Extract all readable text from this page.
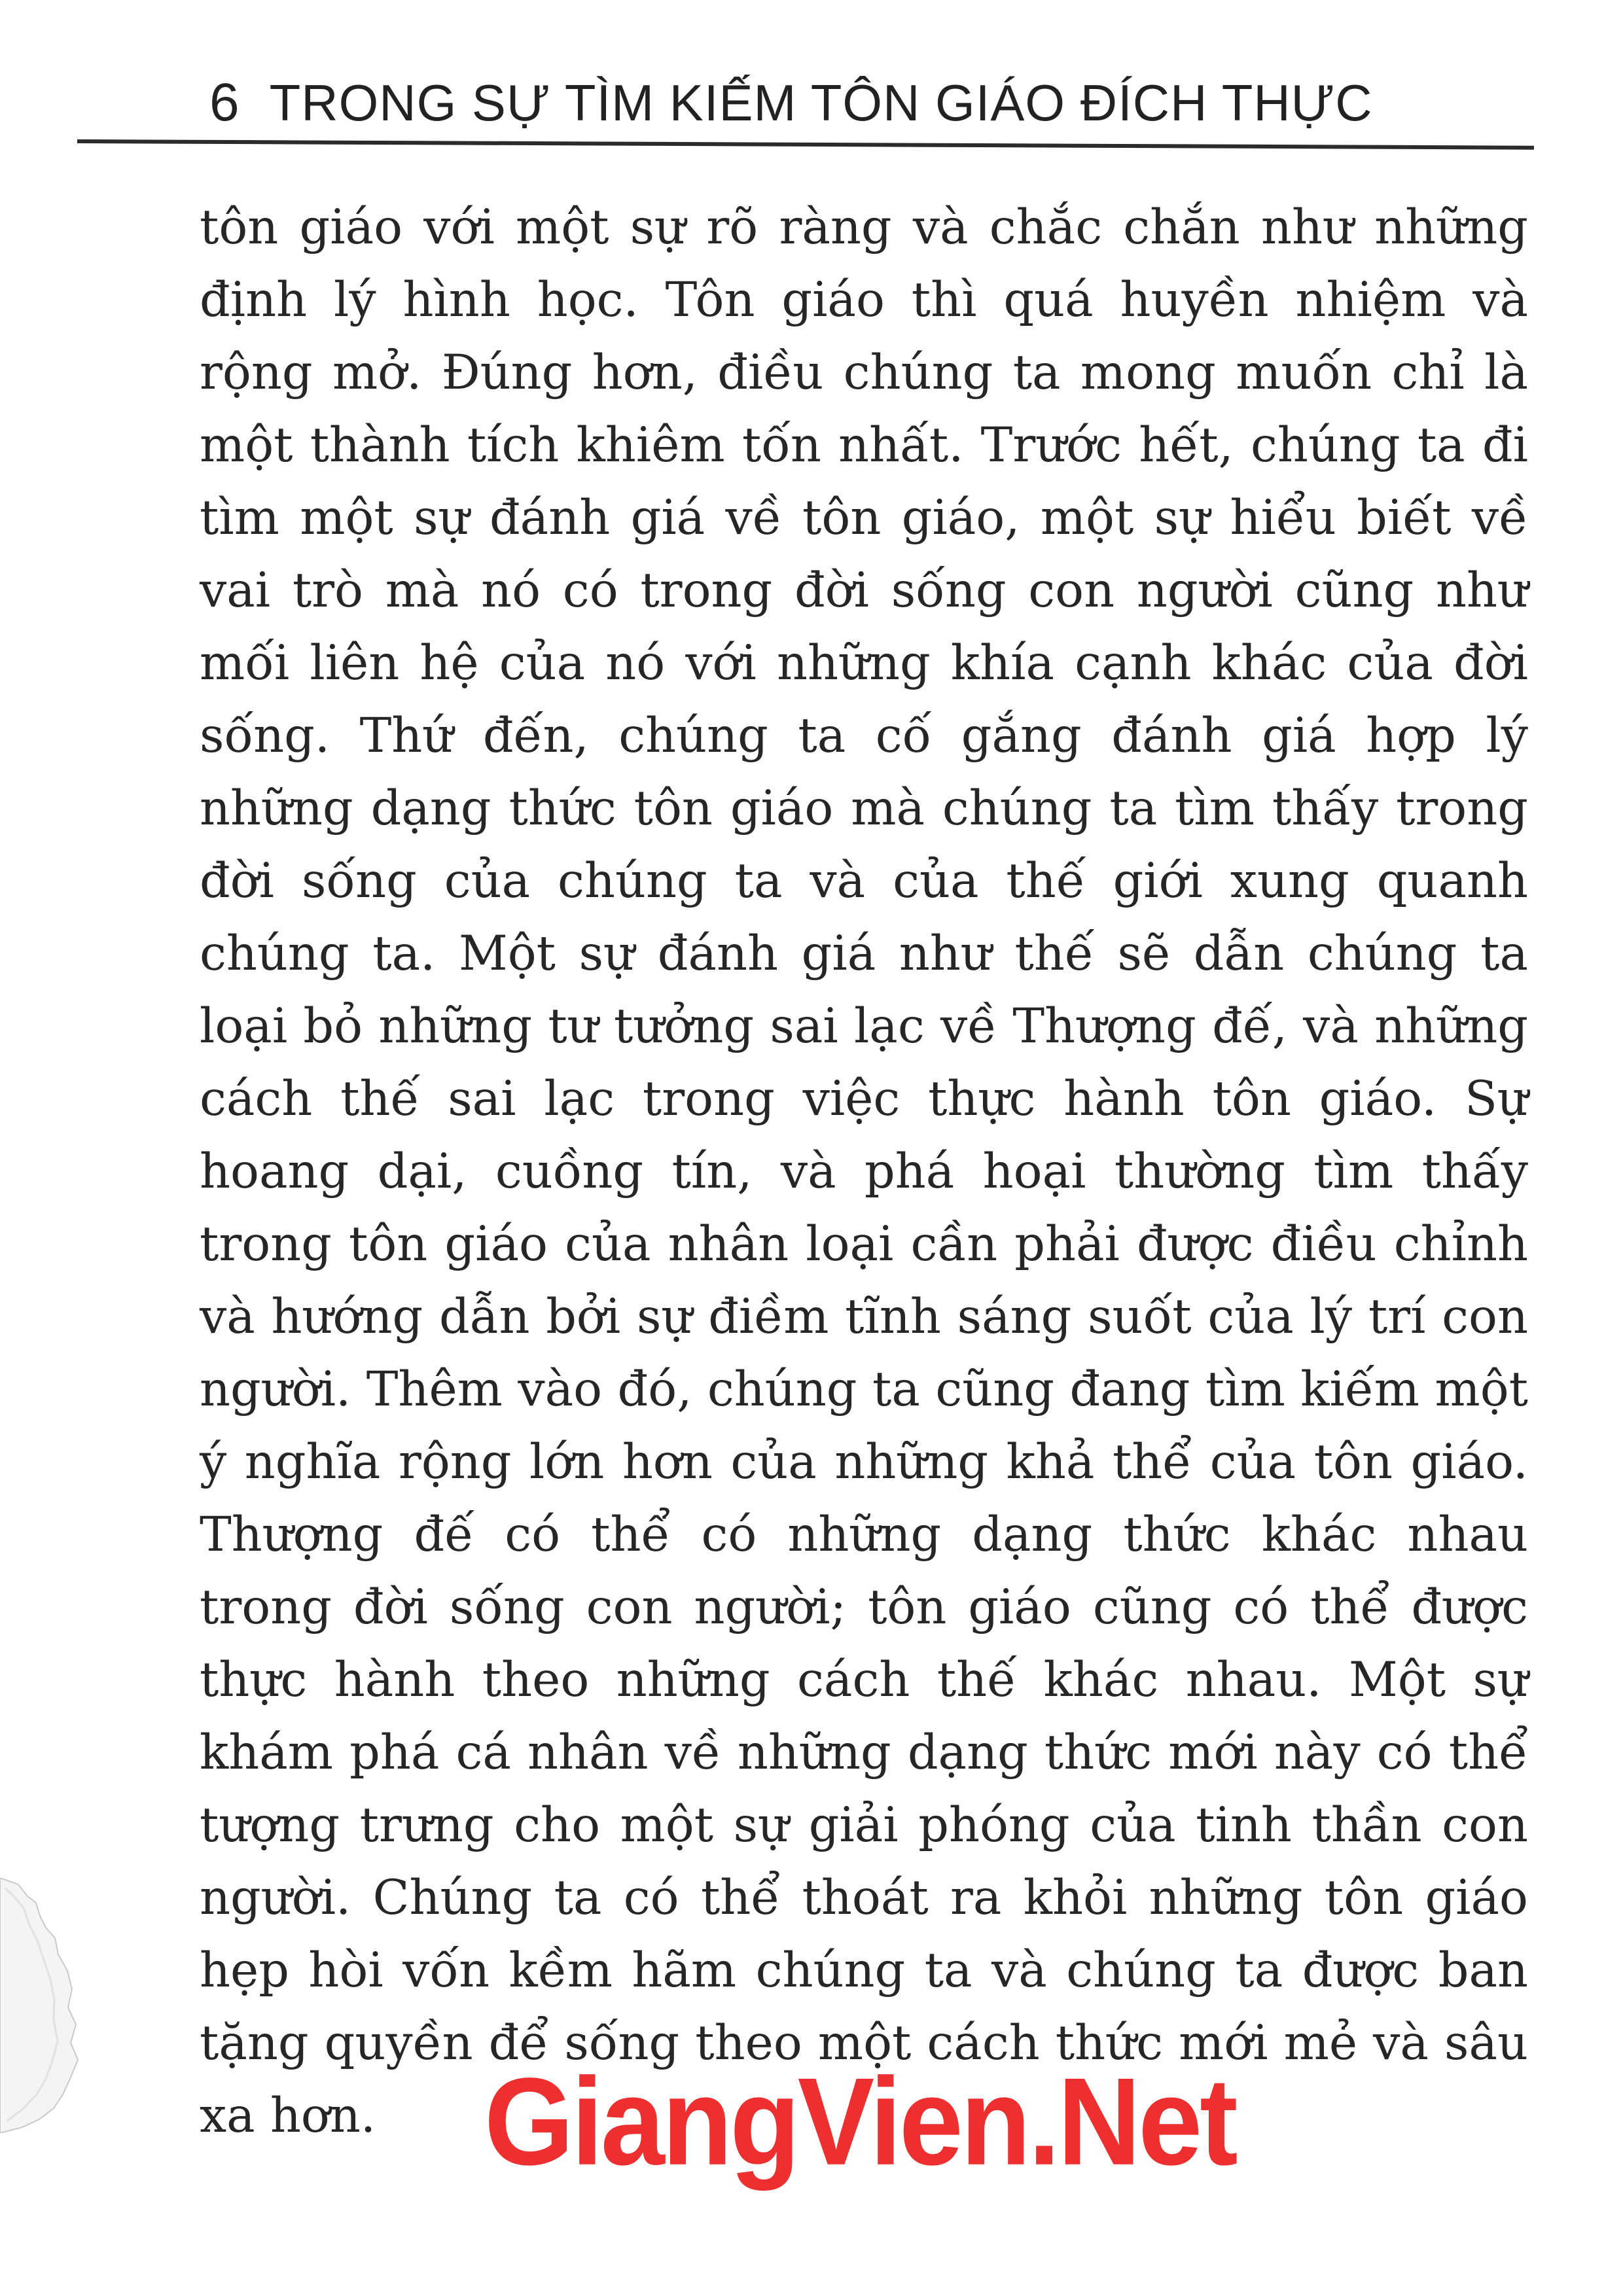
6 TRONG SỰ TÌM KIẾM TÔN GIÁO ĐÍCH THỰC

tôn giáo với một sự rõ ràng và chắc chắn như những định lý hình học. Tôn giáo thì quá huyền nhiệm và rộng mở. Đúng hơn, điều chúng ta mong muốn chỉ là một thành tích khiêm tốn nhất. Trước hết, chúng ta đi tìm một sự đánh giá về tôn giáo, một sự hiểu biết về vai trò mà nó có trong đời sống con người cũng như mối liên hệ của nó với những khía cạnh khác của đời sống. Thứ đến, chúng ta cố gắng đánh giá hợp lý những dạng thức tôn giáo mà chúng ta tìm thấy trong đời sống của chúng ta và của thế giới xung quanh chúng ta. Một sự đánh giá như thế sẽ dẫn chúng ta loại bỏ những tư tưởng sai lạc về Thượng đế, và những cách thế sai lạc trong việc thực hành tôn giáo. Sự hoang dại, cuồng tín, và phá hoại thường tìm thấy trong tôn giáo của nhân loại cần phải được điều chỉnh và hướng dẫn bởi sự điềm tĩnh sáng suốt của lý trí con người. Thêm vào đó, chúng ta cũng đang tìm kiếm một ý nghĩa rộng lớn hơn của những khả thể của tôn giáo. Thượng đế có thể có những dạng thức khác nhau trong đời sống con người; tôn giáo cũng có thể được thực hành theo những cách thế khác nhau. Một sự khám phá cá nhân về những dạng thức mới này có thể tượng trưng cho một sự giải phóng của tinh thần con người. Chúng ta có thể thoát ra khỏi những tôn giáo hẹp hòi vốn kềm hãm chúng ta và chúng ta được ban tặng quyền để sống theo một cách thức mới mẻ và sâu xa hơn. GiangVien.Net
